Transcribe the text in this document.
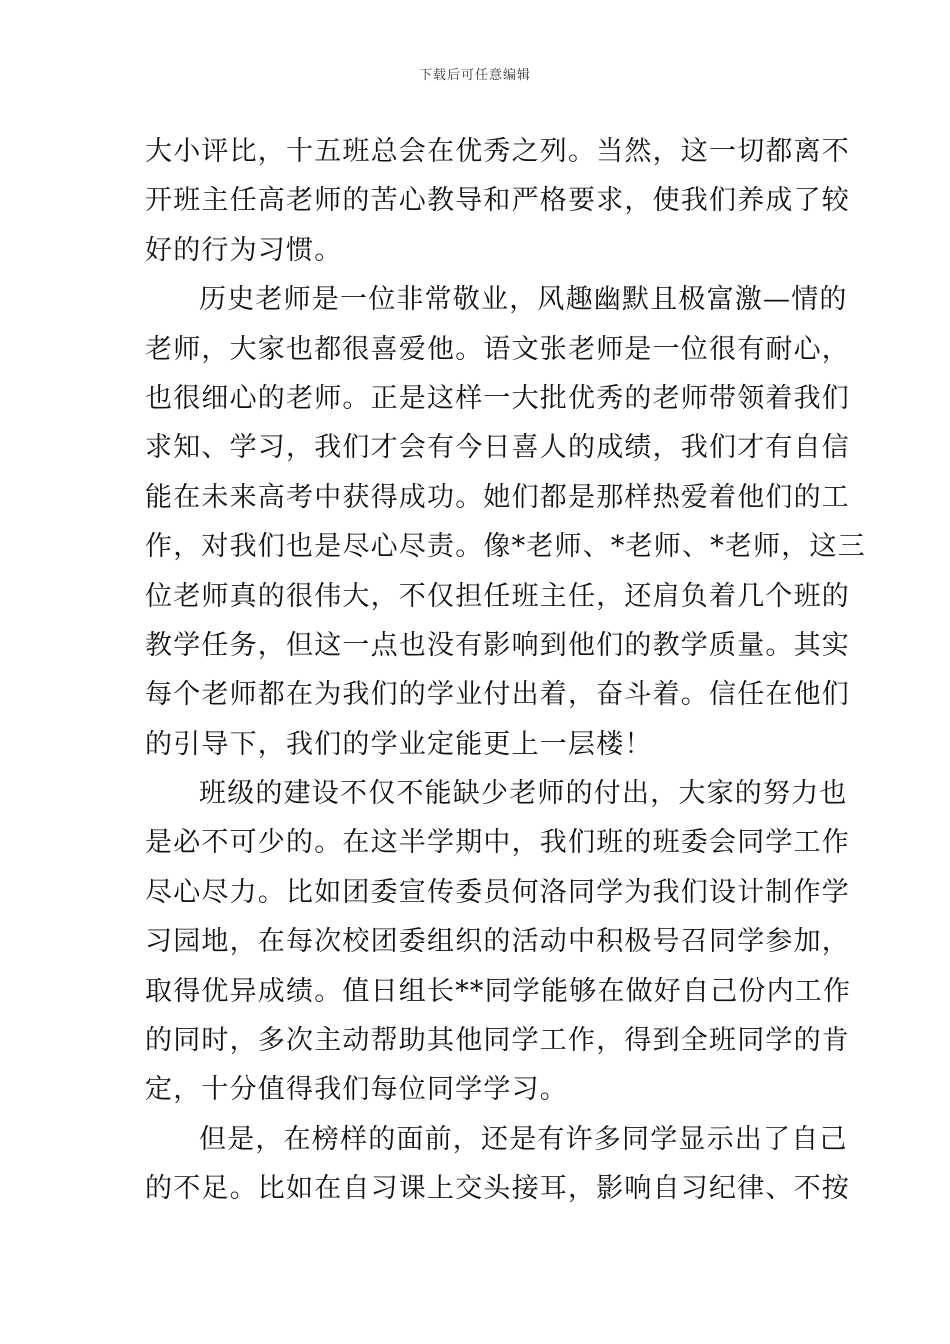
下载后可任意编辑
大小评比，十五班总会在优秀之列。当然，这一切都离不
开班主任高老师的苦心教导和严格要求，使我们养成了较
好的行为习惯。
历史老师是一位非常敬业，风趣幽默且极富激—情的
老师，大家也都很喜爱他。语文张老师是一位很有耐心，
也很细心的老师。正是这样一大批优秀的老师带领着我们
求知、学习，我们才会有今日喜人的成绩，我们才有自信
能在未来高考中获得成功。她们都是那样热爱着他们的工
作，对我们也是尽心尽责。像*老师、*老师、*老师，这三
位老师真的很伟大，不仅担任班主任，还肩负着几个班的
教学任务，但这一点也没有影响到他们的教学质量。其实
每个老师都在为我们的学业付出着，奋斗着。信任在他们
的引导下，我们的学业定能更上一层楼！
班级的建设不仅不能缺少老师的付出，大家的努力也
是必不可少的。在这半学期中，我们班的班委会同学工作
尽心尽力。比如团委宣传委员何洛同学为我们设计制作学
习园地，在每次校团委组织的活动中积极号召同学参加，
取得优异成绩。值日组长**同学能够在做好自己份内工作
的同时，多次主动帮助其他同学工作，得到全班同学的肯
定，十分值得我们每位同学学习。
但是，在榜样的面前，还是有许多同学显示出了自己
的不足。比如在自习课上交头接耳，影响自习纪律、不按
